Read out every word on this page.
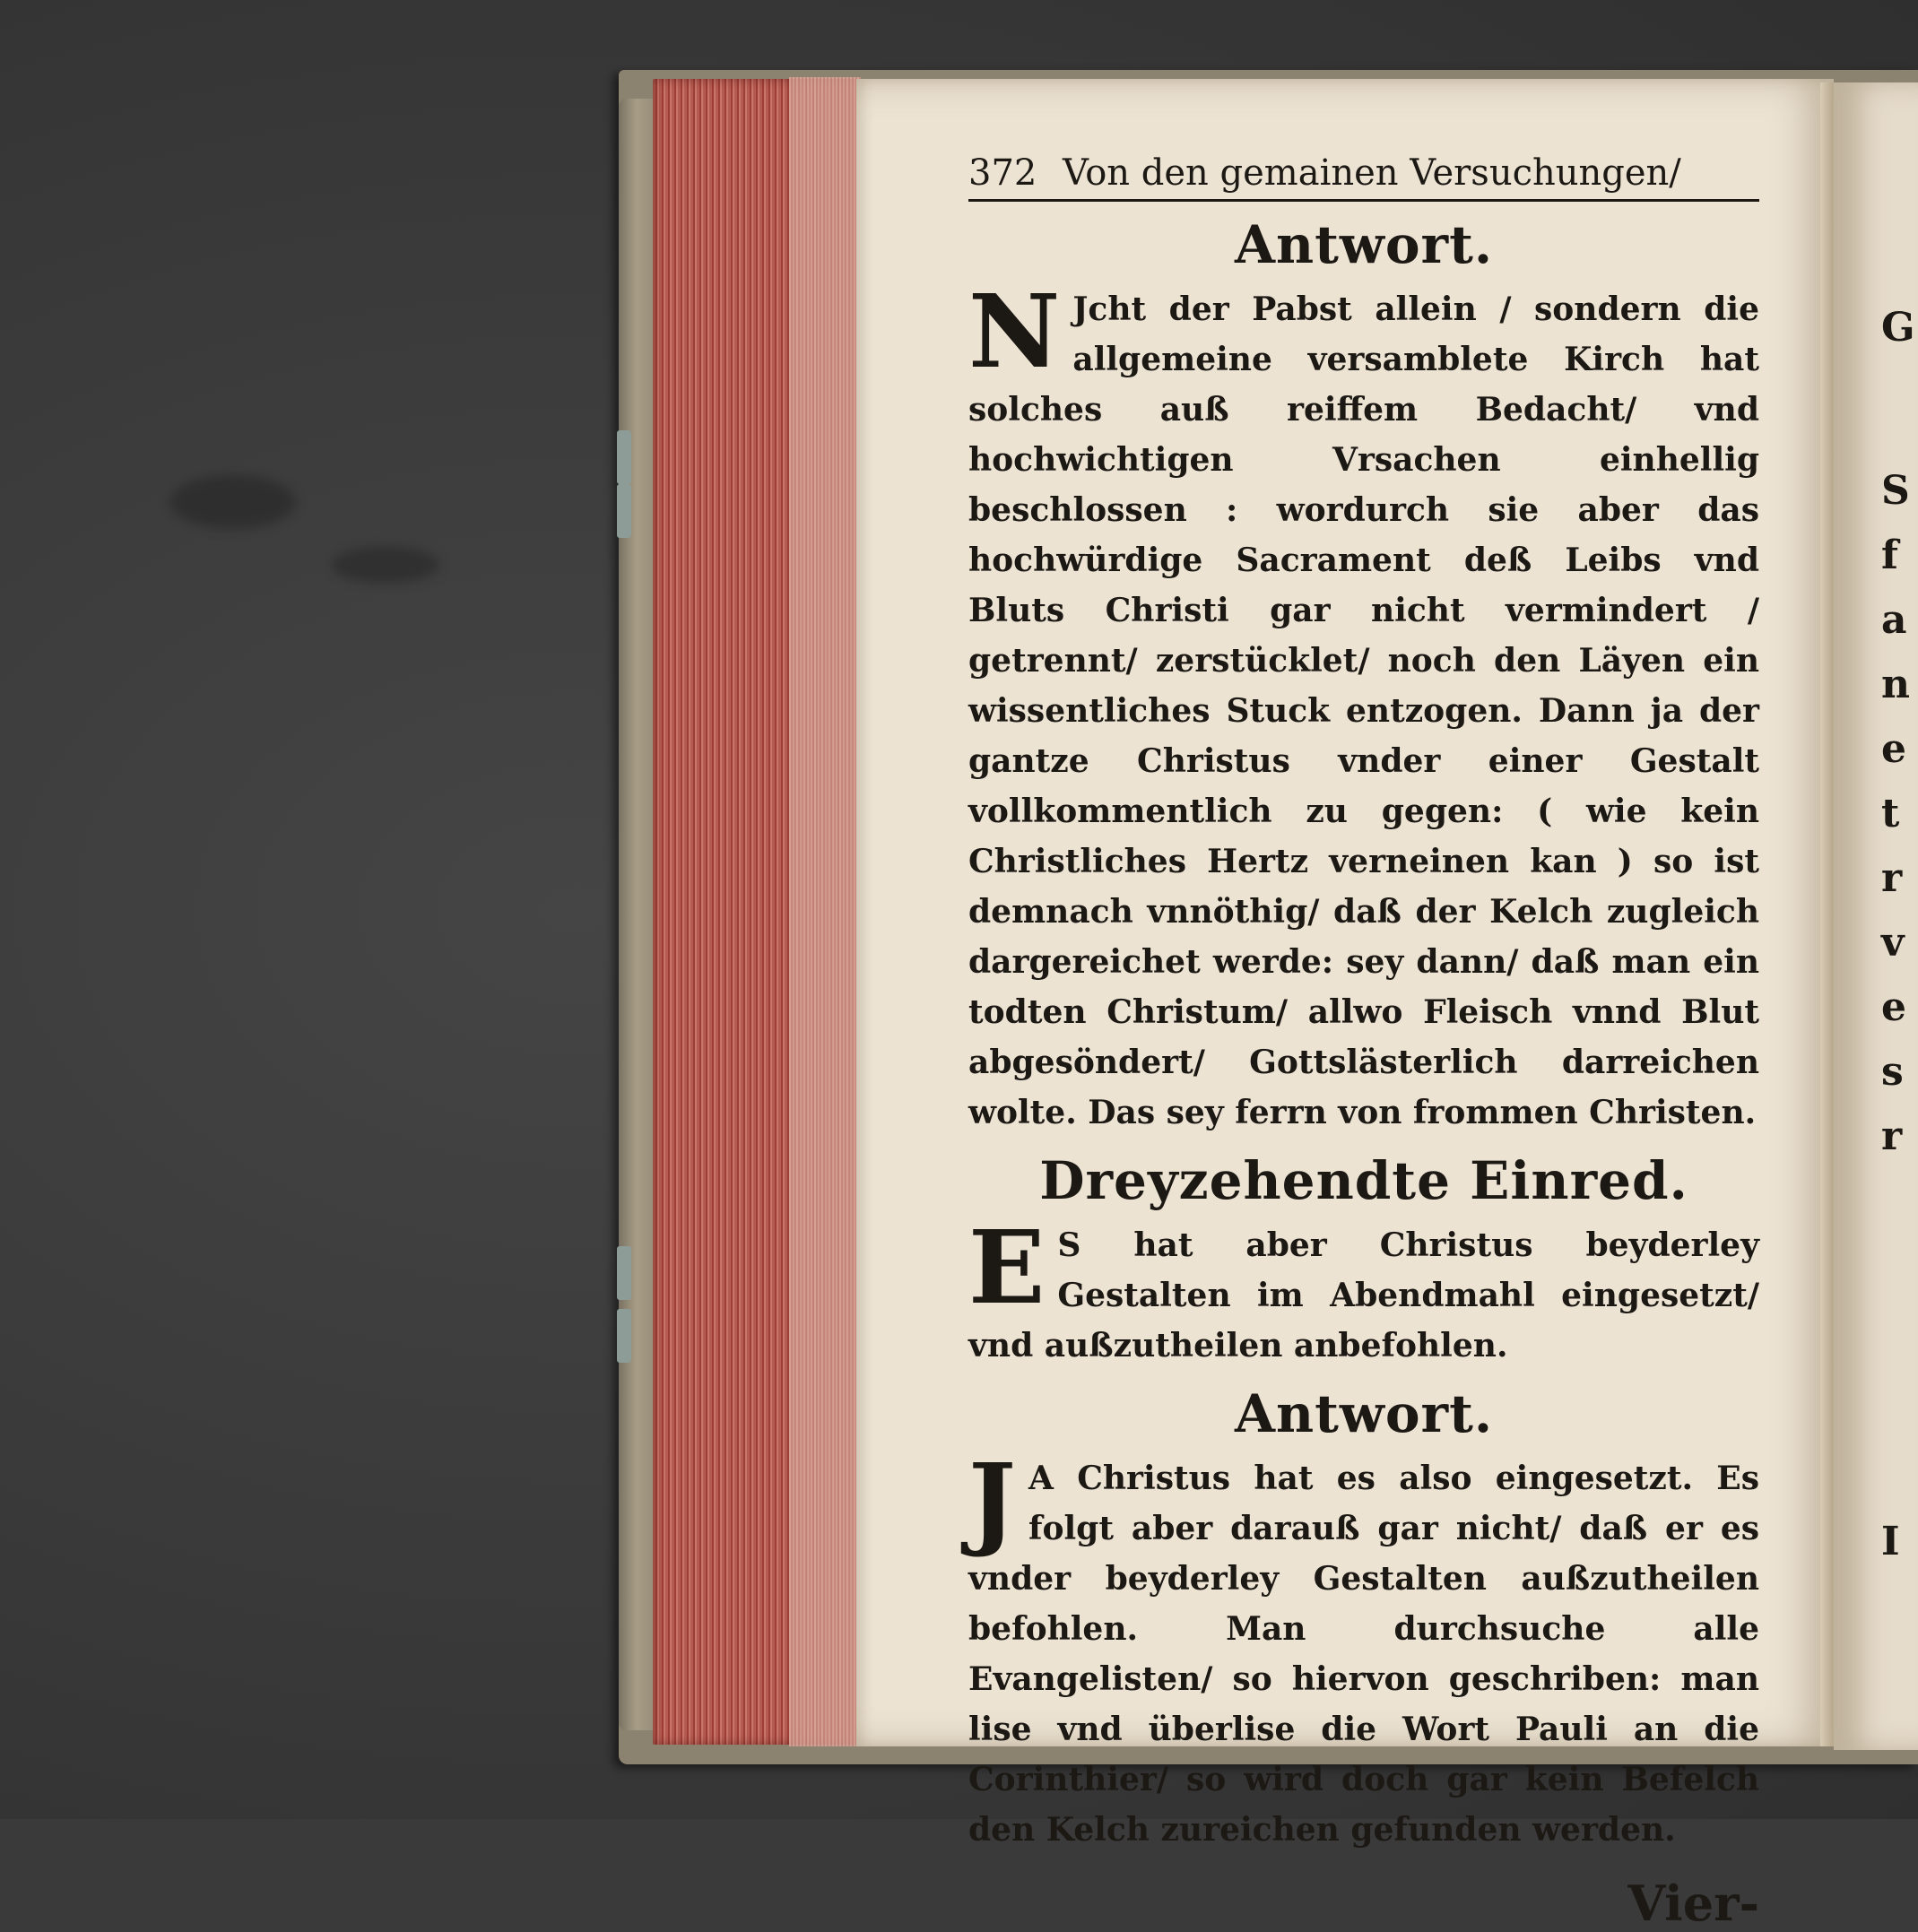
372 Von den gemainen Versuchungen/
Antwort.

N Jcht der Pabst allein / sondern die allgemeine versamblete Kirch hat solches auß reiffem Bedacht/ vnd hochwichtigen Vrsachen einhellig beschlossen : wordurch sie aber das hochwürdige Sacrament deß Leibs vnd Bluts Christi gar nicht vermindert / getrennt/ zerstücklet/ noch den Läyen ein wissentliches Stuck entzogen. Dann ja der gantze Christus vnder einer Gestalt vollkommentlich zu gegen: ( wie kein Christliches Hertz verneinen kan ) so ist demnach vnnöthig/ daß der Kelch zugleich dargereichet werde: sey dann/ daß man ein todten Christum/ allwo Fleisch vnnd Blut abgesöndert/ Gottslästerlich darreichen wolte. Das sey ferrn von frommen Christen.

Dreyzehendte Einred.

E S hat aber Christus beyderley Gestalten im Abendmahl eingesetzt/ vnd außzutheilen anbefohlen.

Antwort.

J A Christus hat es also eingesetzt. Es folgt aber darauß gar nicht/ daß er es vnder beyderley Gestalten außzutheilen befohlen. Man durchsuche alle Evangelisten/ so hiervon geschriben: man lise vnd überlise die Wort Pauli an die Corinthier/ so wird doch gar kein Befelch den Kelch zureichen gefunden werden.

Vier-
G
S
f
a
n
e
t
r
v
e
s
r
I
